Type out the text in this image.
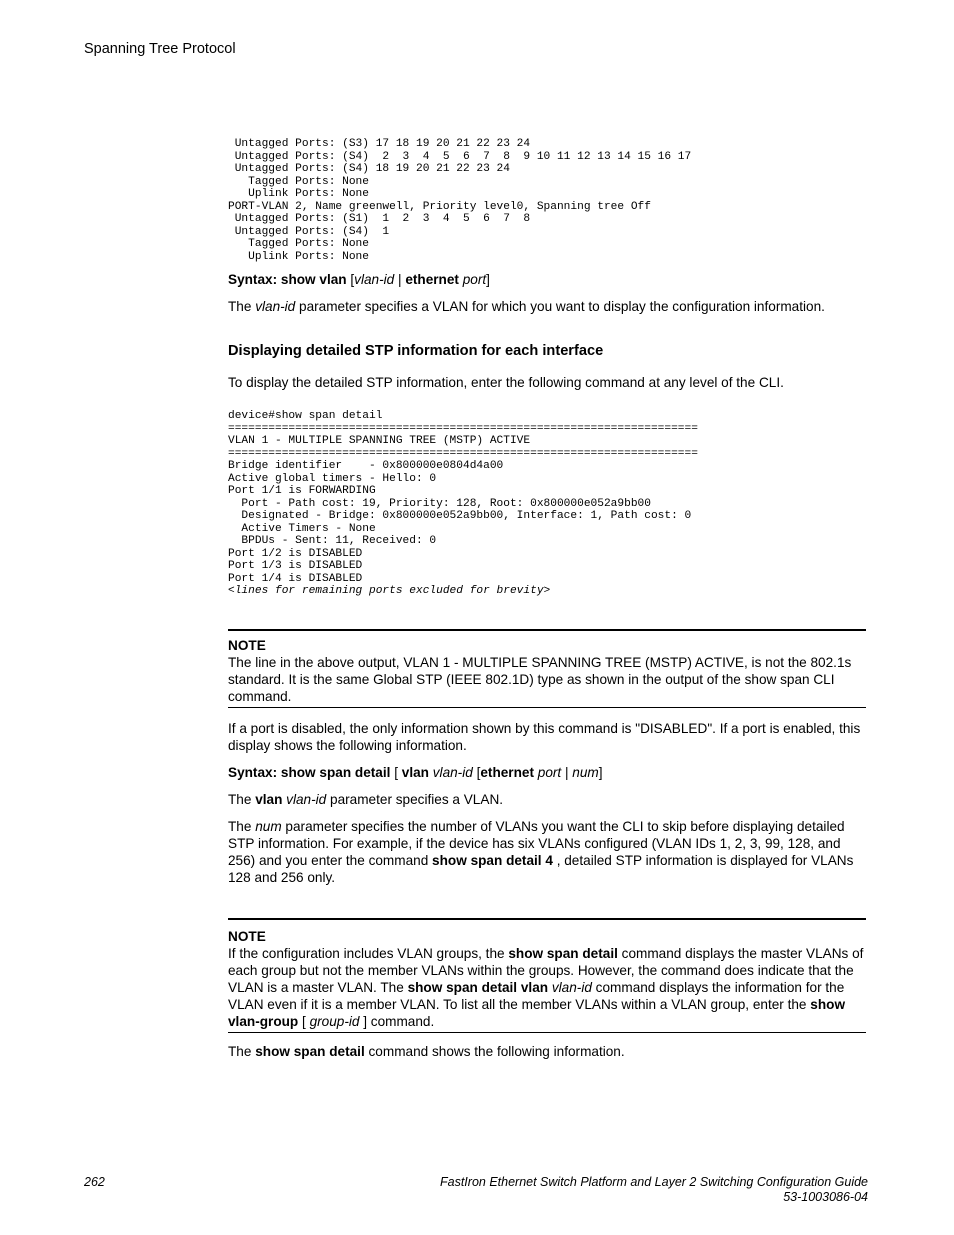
Spanning Tree Protocol
Untagged Ports: (S3) 17 18 19 20 21 22 23 24
Untagged Ports: (S4)  2  3  4  5  6  7  8  9 10 11 12 13 14 15 16 17
Untagged Ports: (S4) 18 19 20 21 22 23 24
Tagged Ports: None
Uplink Ports: None
PORT-VLAN 2, Name greenwell, Priority level0, Spanning tree Off
Untagged Ports: (S1)  1  2  3  4  5  6  7  8
Untagged Ports: (S4)  1
Tagged Ports: None
Uplink Ports: None

Syntax: show vlan [vlan-id | ethernet port]

The vlan-id parameter specifies a VLAN for which you want to display the configuration information.

Displaying detailed STP information for each interface

To display the detailed STP information, enter the following command at any level of the CLI.

device#show span detail
======================================================================
VLAN 1 - MULTIPLE SPANNING TREE (MSTP) ACTIVE
======================================================================
Bridge identifier    - 0x800000e0804d4a00
Active global timers - Hello: 0
Port 1/1 is FORWARDING
Port - Path cost: 19, Priority: 128, Root: 0x800000e052a9bb00
Designated - Bridge: 0x800000e052a9bb00, Interface: 1, Path cost: 0
Active Timers - None
BPDUs - Sent: 11, Received: 0
Port 1/2 is DISABLED
Port 1/3 is DISABLED
Port 1/4 is DISABLED
<lines for remaining ports excluded for brevity>
NOTE

The line in the above output, VLAN 1 - MULTIPLE SPANNING TREE (MSTP) ACTIVE, is not the 802.1s standard. It is the same Global STP (IEEE 802.1D) type as shown in the output of the show span CLI command.

If a port is disabled, the only information shown by this command is "DISABLED". If a port is enabled, this display shows the following information.

Syntax: show span detail [ vlan vlan-id [ethernet port | num]

The vlan vlan-id parameter specifies a VLAN.

The num parameter specifies the number of VLANs you want the CLI to skip before displaying detailed STP information. For example, if the device has six VLANs configured (VLAN IDs 1, 2, 3, 99, 128, and 256) and you enter the command show span detail 4 , detailed STP information is displayed for VLANs 128 and 256 only.

NOTE

If the configuration includes VLAN groups, the show span detail command displays the master VLANs of each group but not the member VLANs within the groups. However, the command does indicate that the VLAN is a master VLAN. The show span detail vlan vlan-id command displays the information for the VLAN even if it is a member VLAN. To list all the member VLANs within a VLAN group, enter the show vlan-group [ group-id ] command.

The show span detail command shows the following information.

262	FastIron Ethernet Switch Platform and Layer 2 Switching Configuration Guide
53-1003086-04
